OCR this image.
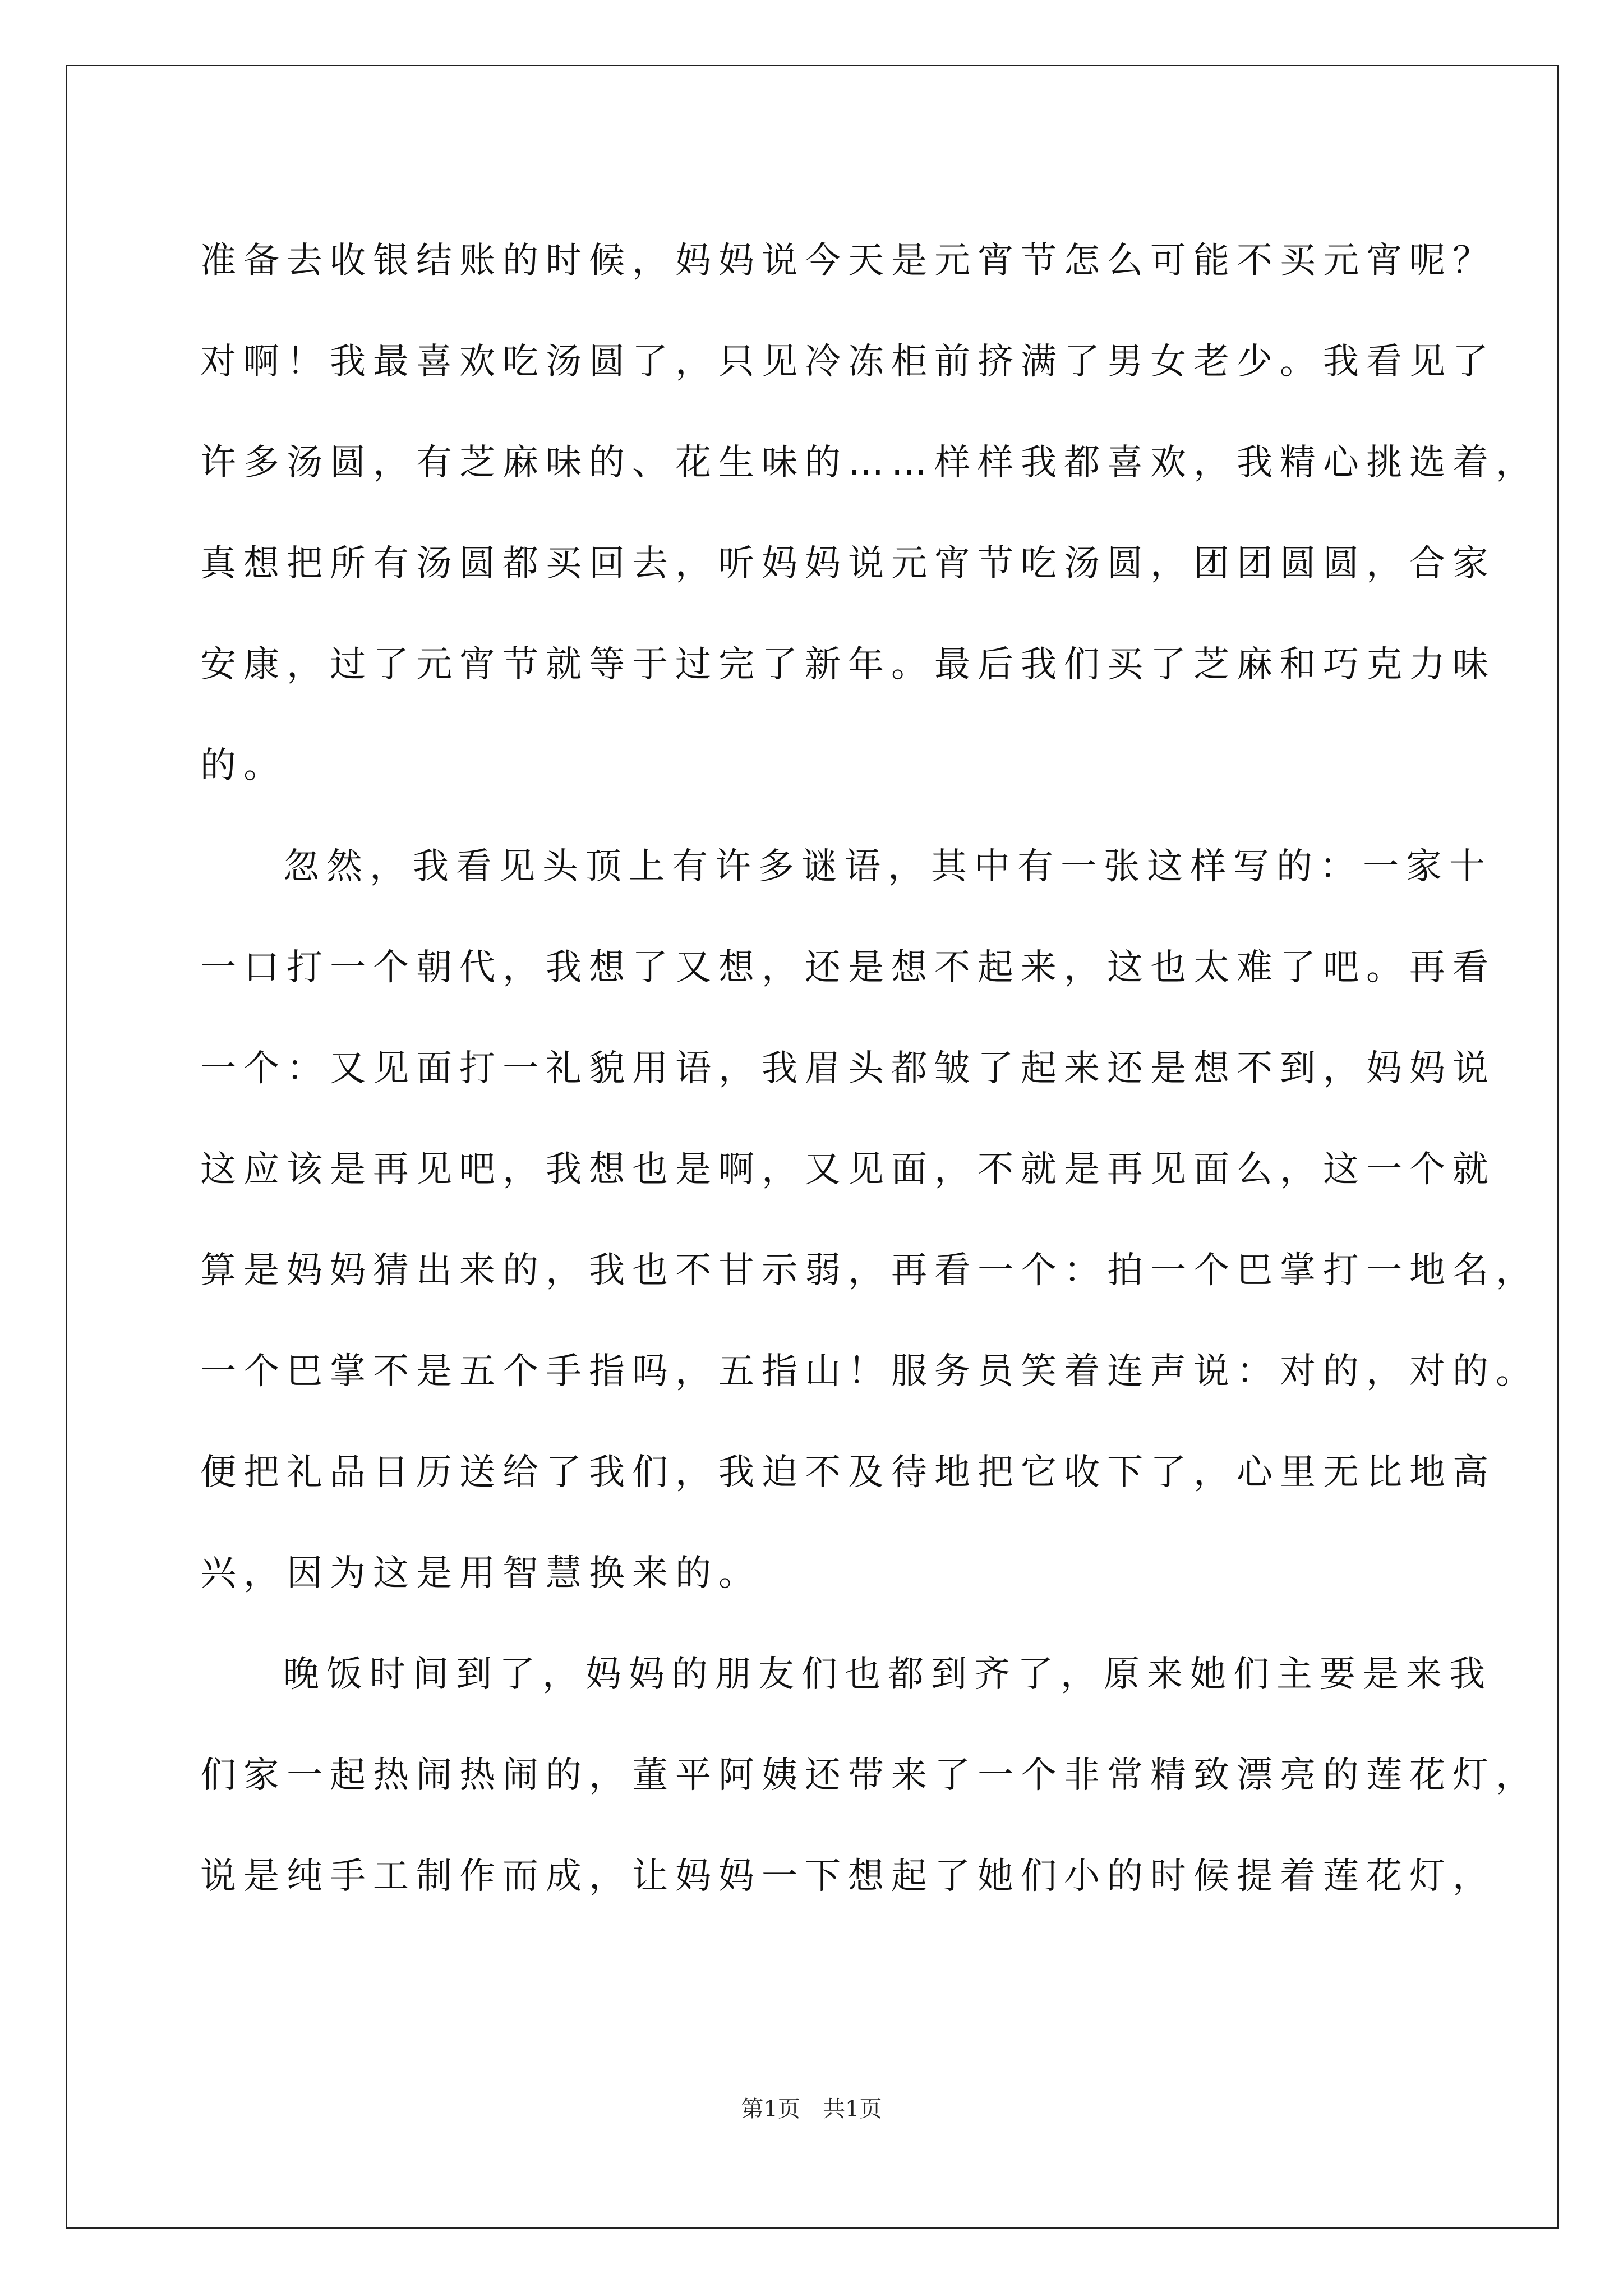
准备去收银结账的时候，妈妈说今天是元宵节怎么可能不买元宵呢？
对啊！我最喜欢吃汤圆了，只见冷冻柜前挤满了男女老少。我看见了
许多汤圆，有芝麻味的、花生味的……样样我都喜欢，我精心挑选着，
真想把所有汤圆都买回去，听妈妈说元宵节吃汤圆，团团圆圆，合家
安康，过了元宵节就等于过完了新年。最后我们买了芝麻和巧克力味
的。
忽然，我看见头顶上有许多谜语，其中有一张这样写的：一家十
一口打一个朝代，我想了又想，还是想不起来，这也太难了吧。再看
一个：又见面打一礼貌用语，我眉头都皱了起来还是想不到，妈妈说
这应该是再见吧，我想也是啊，又见面，不就是再见面么，这一个就
算是妈妈猜出来的，我也不甘示弱，再看一个：拍一个巴掌打一地名，
一个巴掌不是五个手指吗，五指山！服务员笑着连声说：对的，对的。
便把礼品日历送给了我们，我迫不及待地把它收下了，心里无比地高
兴，因为这是用智慧换来的。
晚饭时间到了，妈妈的朋友们也都到齐了，原来她们主要是来我
们家一起热闹热闹的，董平阿姨还带来了一个非常精致漂亮的莲花灯，
说是纯手工制作而成，让妈妈一下想起了她们小的时候提着莲花灯，
第1页　共1页
